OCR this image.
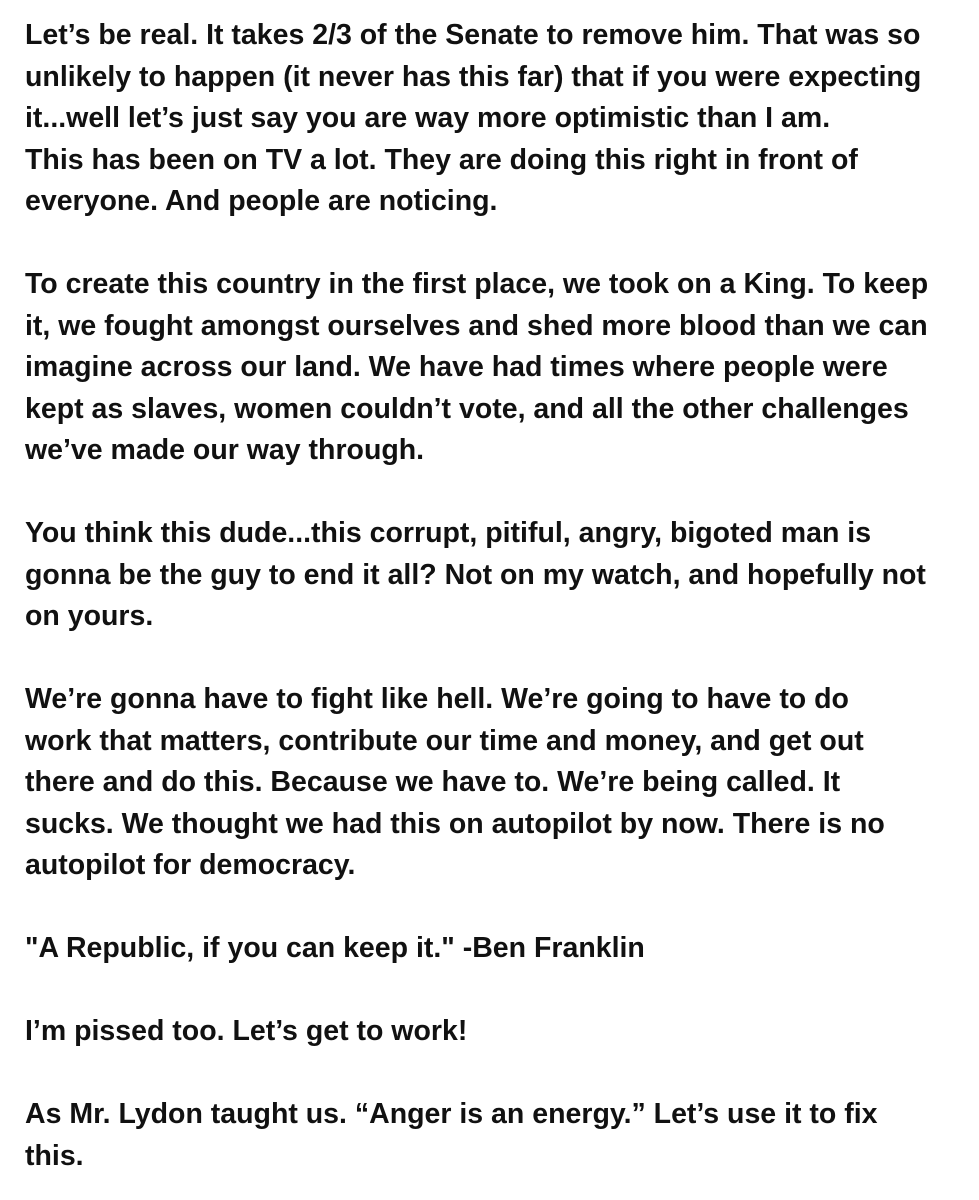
Let’s be real. It takes 2/3 of the Senate to remove him. That was so
unlikely to happen (it never has this far) that if you were expecting
it...well let’s just say you are way more optimistic than I am.
This has been on TV a lot. They are doing this right in front of
everyone. And people are noticing.
To create this country in the first place, we took on a King. To keep
it, we fought amongst ourselves and shed more blood than we can
imagine across our land. We have had times where people were
kept as slaves, women couldn’t vote, and all the other challenges
we’ve made our way through.
You think this dude...this corrupt, pitiful, angry, bigoted man is
gonna be the guy to end it all? Not on my watch, and hopefully not
on yours.
We’re gonna have to fight like hell. We’re going to have to do
work that matters, contribute our time and money, and get out
there and do this. Because we have to. We’re being called. It
sucks. We thought we had this on autopilot by now. There is no
autopilot for democracy.
"A Republic, if you can keep it." -Ben Franklin
I’m pissed too. Let’s get to work!
As Mr. Lydon taught us. “Anger is an energy.” Let’s use it to fix
this.
